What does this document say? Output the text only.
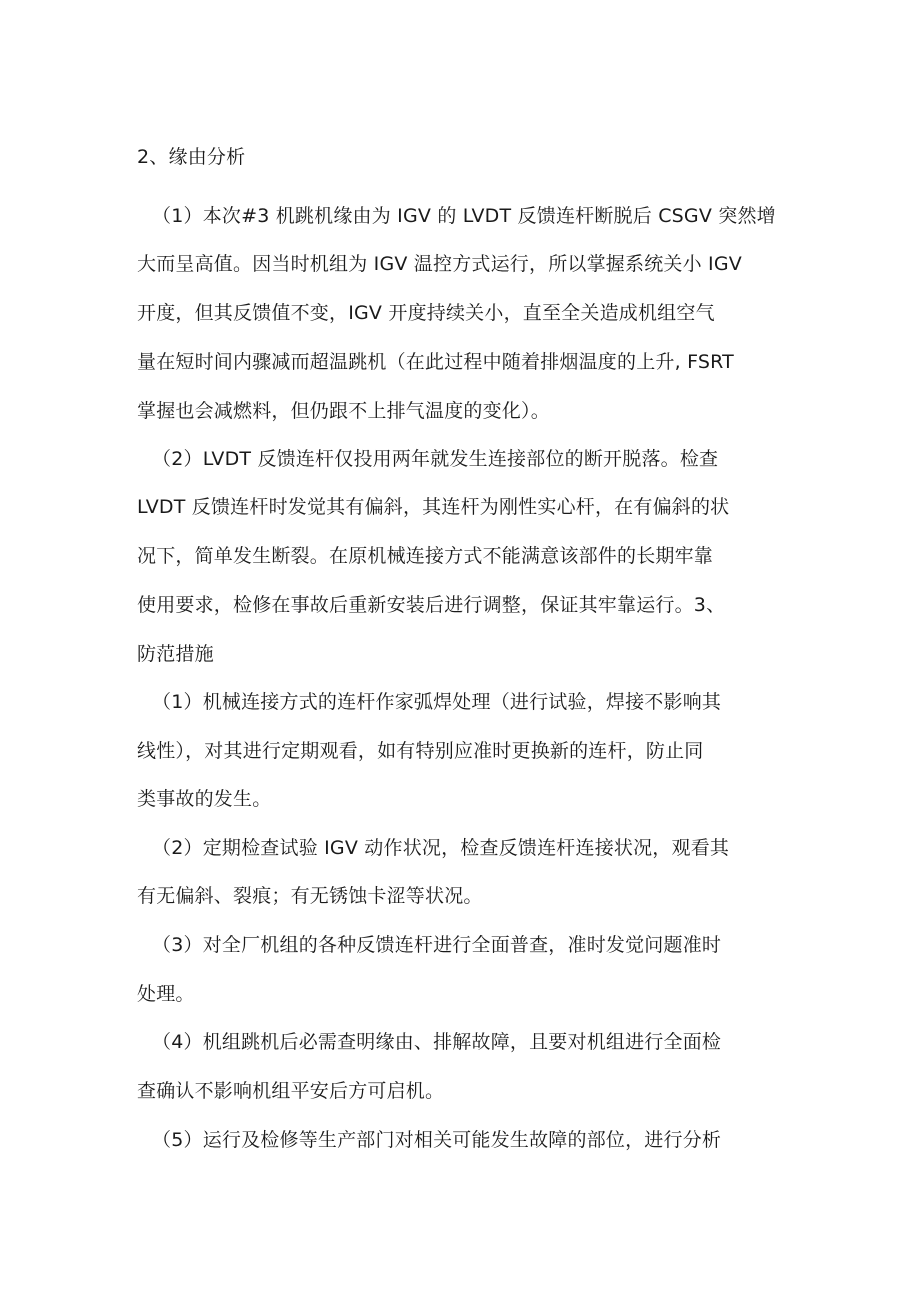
2、缘由分析

（1）本次#3 机跳机缘由为 IGV 的 LVDT 反馈连杆断脱后 CSGV 突然增

大而呈高值。因当时机组为 IGV 温控方式运行，所以掌握系统关小 IGV

开度，但其反馈值不变，IGV 开度持续关小，直至全关造成机组空气

量在短时间内骤减而超温跳机（在此过程中随着排烟温度的上升, FSRT

掌握也会减燃料，但仍跟不上排气温度的变化）。

（2）LVDT 反馈连杆仅投用两年就发生连接部位的断开脱落。检查

LVDT 反馈连杆时发觉其有偏斜，其连杆为刚性实心杆，在有偏斜的状

况下，简单发生断裂。在原机械连接方式不能满意该部件的长期牢靠

使用要求，检修在事故后重新安装后进行调整，保证其牢靠运行。3、

防范措施

（1）机械连接方式的连杆作家弧焊处理（进行试验，焊接不影响其

线性），对其进行定期观看，如有特别应准时更换新的连杆，防止同

类事故的发生。

（2）定期检查试验 IGV 动作状况，检查反馈连杆连接状况，观看其

有无偏斜、裂痕；有无锈蚀卡涩等状况。

（3）对全厂机组的各种反馈连杆进行全面普查，准时发觉问题准时

处理。

（4）机组跳机后必需查明缘由、排解故障，且要对机组进行全面检

查确认不影响机组平安后方可启机。

（5）运行及检修等生产部门对相关可能发生故障的部位，进行分析
